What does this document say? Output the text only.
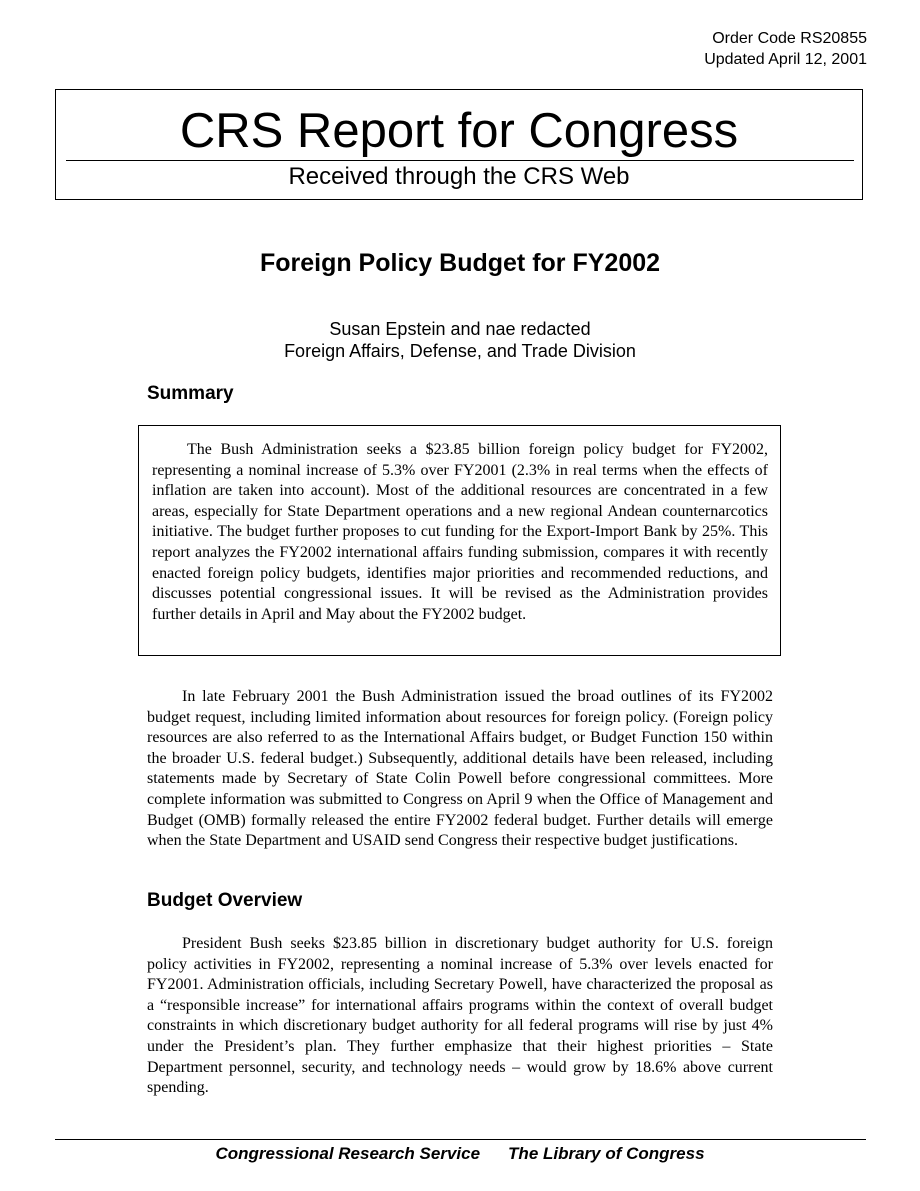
Order Code RS20855
Updated April 12, 2001
CRS Report for Congress
Received through the CRS Web
Foreign Policy Budget for FY2002
Susan Epstein and nae redacted
Foreign Affairs, Defense, and Trade Division
Summary

The Bush Administration seeks a $23.85 billion foreign policy budget for FY2002, representing a nominal increase of 5.3% over FY2001 (2.3% in real terms when the effects of inflation are taken into account). Most of the additional resources are concentrated in a few areas, especially for State Department operations and a new regional Andean counternarcotics initiative. The budget further proposes to cut funding for the Export-Import Bank by 25%. This report analyzes the FY2002 international affairs funding submission, compares it with recently enacted foreign policy budgets, identifies major priorities and recommended reductions, and discusses potential congressional issues. It will be revised as the Administration provides further details in April and May about the FY2002 budget.

In late February 2001 the Bush Administration issued the broad outlines of its FY2002 budget request, including limited information about resources for foreign policy. (Foreign policy resources are also referred to as the International Affairs budget, or Budget Function 150 within the broader U.S. federal budget.) Subsequently, additional details have been released, including statements made by Secretary of State Colin Powell before congressional committees. More complete information was submitted to Congress on April 9 when the Office of Management and Budget (OMB) formally released the entire FY2002 federal budget. Further details will emerge when the State Department and USAID send Congress their respective budget justifications.

Budget Overview

President Bush seeks $23.85 billion in discretionary budget authority for U.S. foreign policy activities in FY2002, representing a nominal increase of 5.3% over levels enacted for FY2001. Administration officials, including Secretary Powell, have characterized the proposal as a “responsible increase” for international affairs programs within the context of overall budget constraints in which discretionary budget authority for all federal programs will rise by just 4% under the President’s plan. They further emphasize that their highest priorities – State Department personnel, security, and technology needs – would grow by 18.6% above current spending.

Congressional Research Service The Library of Congress
